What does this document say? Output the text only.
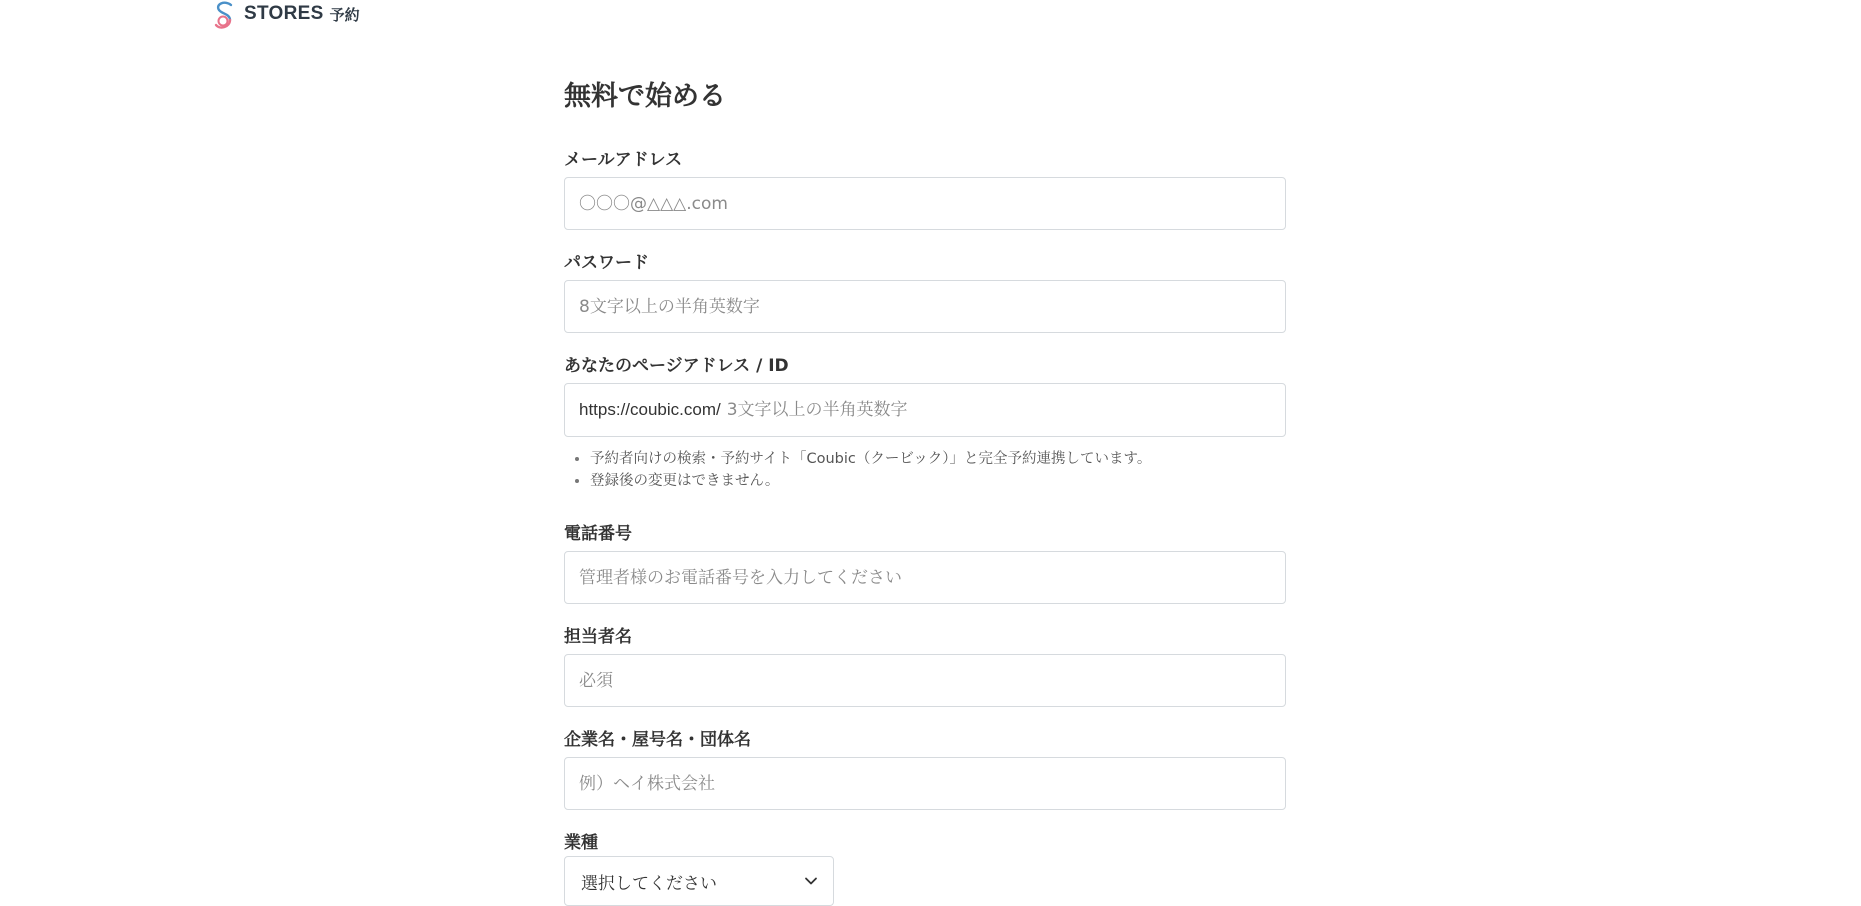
STORES 予約
無料で始める
メールアドレス
〇〇〇@△△△.com
パスワード
あなたのページアドレス / ID
https://coubic.com/
3文字以上の半角英数字
• 予約者向けの検索・予約サイト「Coubic（クービック）」と完全予約連携しています。
• 登録後の変更はできません。
電話番号
管理者様のお電話番号を入力してください
担当者名
必須
企業名・屋号名・団体名
例）ヘイ株式会社
業種
選択してください
